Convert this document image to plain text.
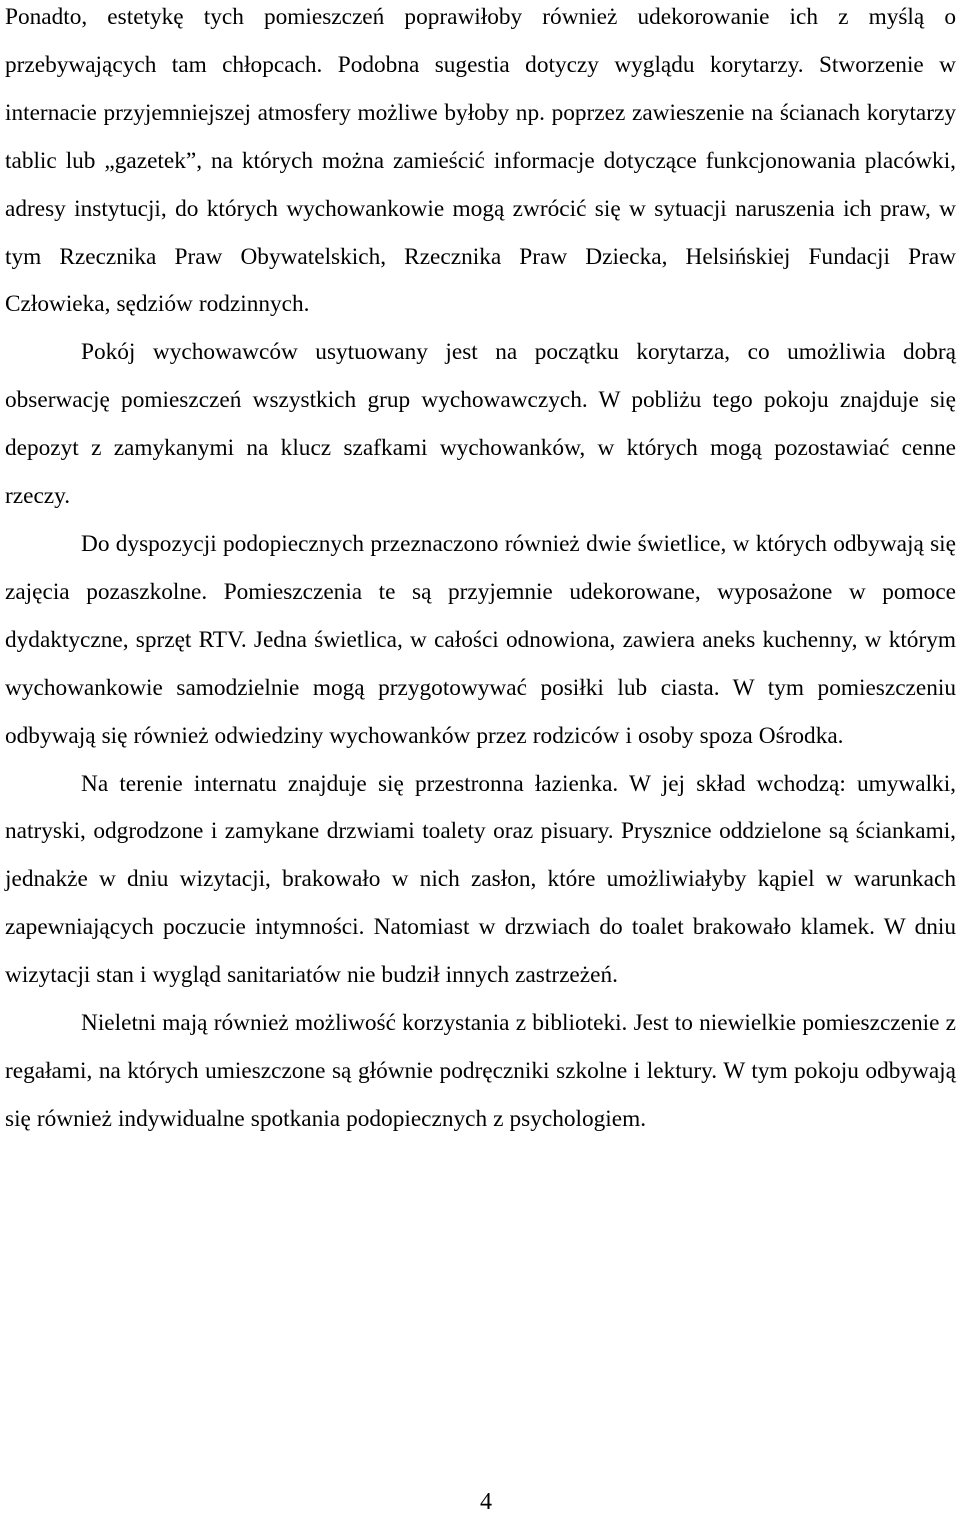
Ponadto, estetykę tych pomieszczeń poprawiłoby również udekorowanie ich z myślą o przebywających tam chłopcach. Podobna sugestia dotyczy wyglądu korytarzy. Stworzenie w internacie przyjemniejszej atmosfery możliwe byłoby np. poprzez zawieszenie na ścianach korytarzy tablic lub „gazetek”, na których można zamieścić informacje dotyczące funkcjonowania placówki, adresy instytucji, do których wychowankowie mogą zwrócić się w sytuacji naruszenia ich praw, w tym Rzecznika Praw Obywatelskich, Rzecznika Praw Dziecka, Helsińskiej Fundacji Praw Człowieka, sędziów rodzinnych.

Pokój wychowawców usytuowany jest na początku korytarza, co umożliwia dobrą obserwację pomieszczeń wszystkich grup wychowawczych. W pobliżu tego pokoju znajduje się depozyt z zamykanymi na klucz szafkami wychowanków, w których mogą pozostawiać cenne rzeczy.

Do dyspozycji podopiecznych przeznaczono również dwie świetlice, w których odbywają się zajęcia pozaszkolne. Pomieszczenia te są przyjemnie udekorowane, wyposażone w pomoce dydaktyczne, sprzęt RTV. Jedna świetlica, w całości odnowiona, zawiera aneks kuchenny, w którym wychowankowie samodzielnie mogą przygotowywać posiłki lub ciasta. W tym pomieszczeniu odbywają się również odwiedziny wychowanków przez rodziców i osoby spoza Ośrodka.

Na terenie internatu znajduje się przestronna łazienka. W jej skład wchodzą: umywalki, natryski, odgrodzone i zamykane drzwiami toalety oraz pisuary. Prysznice oddzielone są ściankami, jednakże w dniu wizytacji, brakowało w nich zasłon, które umożliwiałyby kąpiel w warunkach zapewniających poczucie intymności. Natomiast w drzwiach do toalet brakowało klamek. W dniu wizytacji stan i wygląd sanitariatów nie budził innych zastrzeżeń.

Nieletni mają również możliwość korzystania z biblioteki. Jest to niewielkie pomieszczenie z regałami, na których umieszczone są głównie podręczniki szkolne i lektury. W tym pokoju odbywają się również indywidualne spotkania podopiecznych z psychologiem.

4
